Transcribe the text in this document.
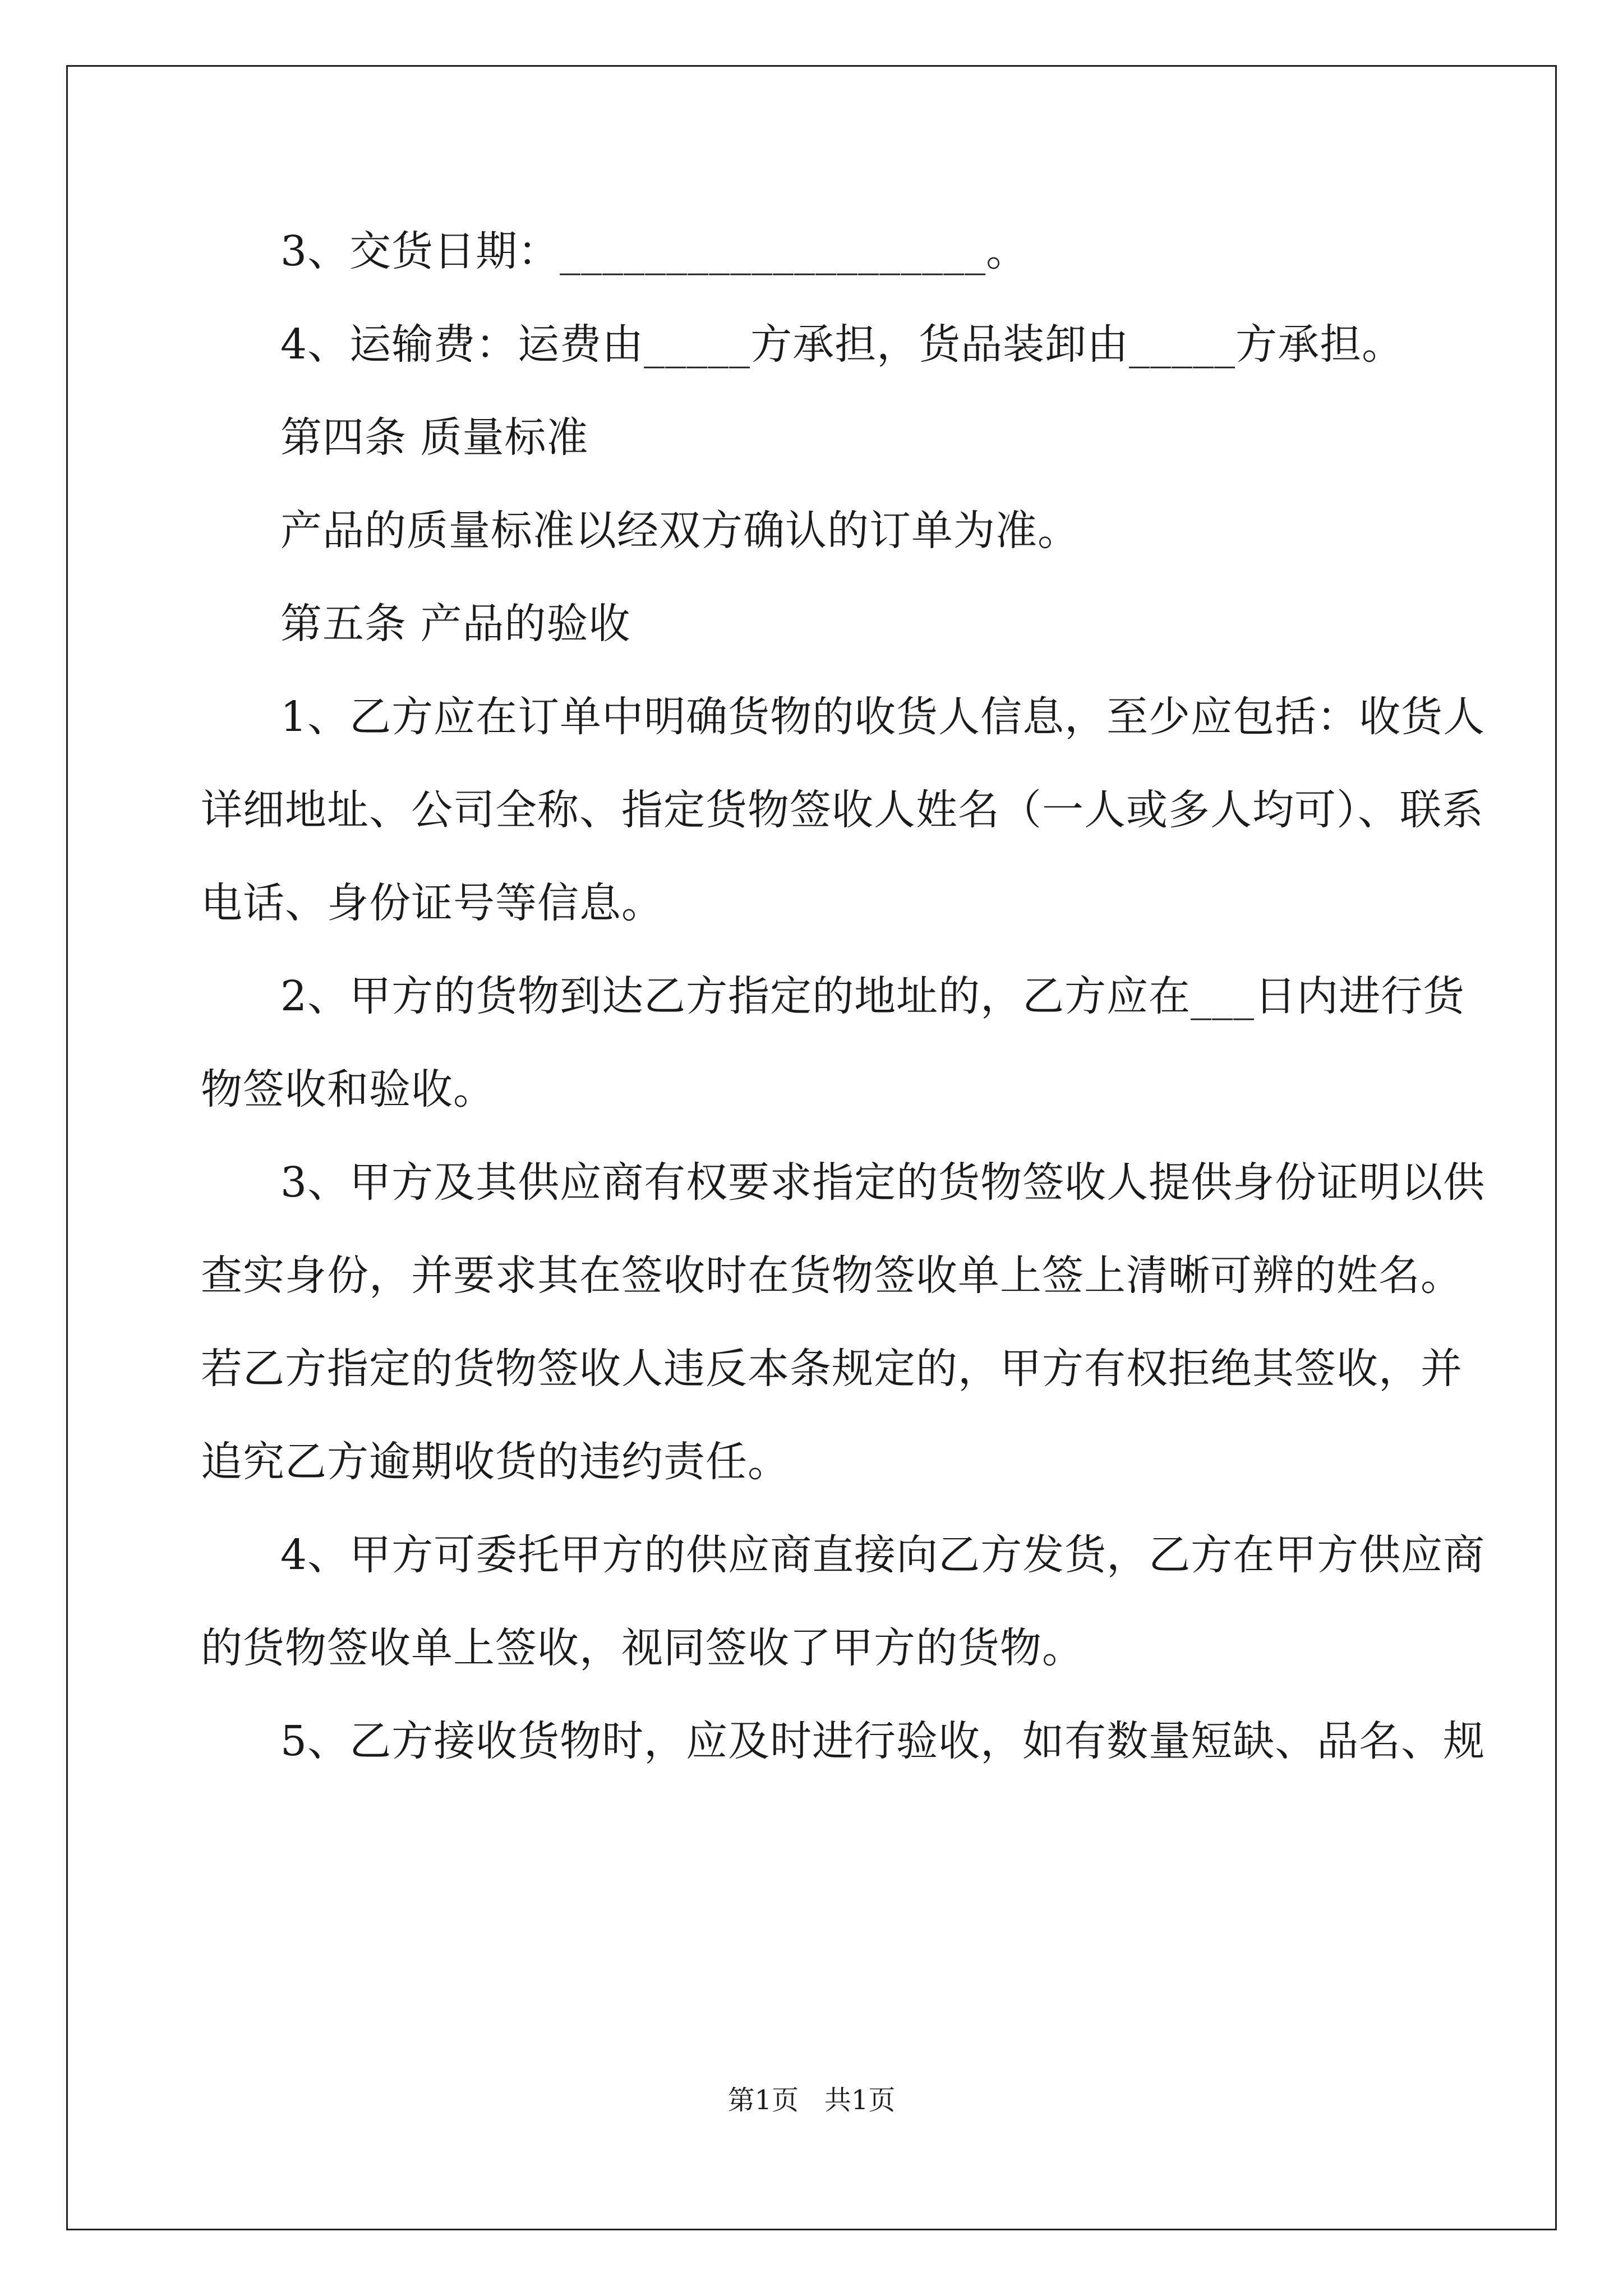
3、交货日期：____________________。
4、运输费：运费由_____方承担，货品装卸由_____方承担。
第四条 质量标准
产品的质量标准以经双方确认的订单为准。
第五条 产品的验收
1、乙方应在订单中明确货物的收货人信息，至少应包括：收货人
详细地址、公司全称、指定货物签收人姓名（一人或多人均可）、联系
电话、身份证号等信息。
2、甲方的货物到达乙方指定的地址的，乙方应在___日内进行货
物签收和验收。
3、甲方及其供应商有权要求指定的货物签收人提供身份证明以供
查实身份，并要求其在签收时在货物签收单上签上清晰可辨的姓名。
若乙方指定的货物签收人违反本条规定的，甲方有权拒绝其签收，并
追究乙方逾期收货的违约责任。
4、甲方可委托甲方的供应商直接向乙方发货，乙方在甲方供应商
的货物签收单上签收，视同签收了甲方的货物。
5、乙方接收货物时，应及时进行验收，如有数量短缺、品名、规
第1页   共1页
